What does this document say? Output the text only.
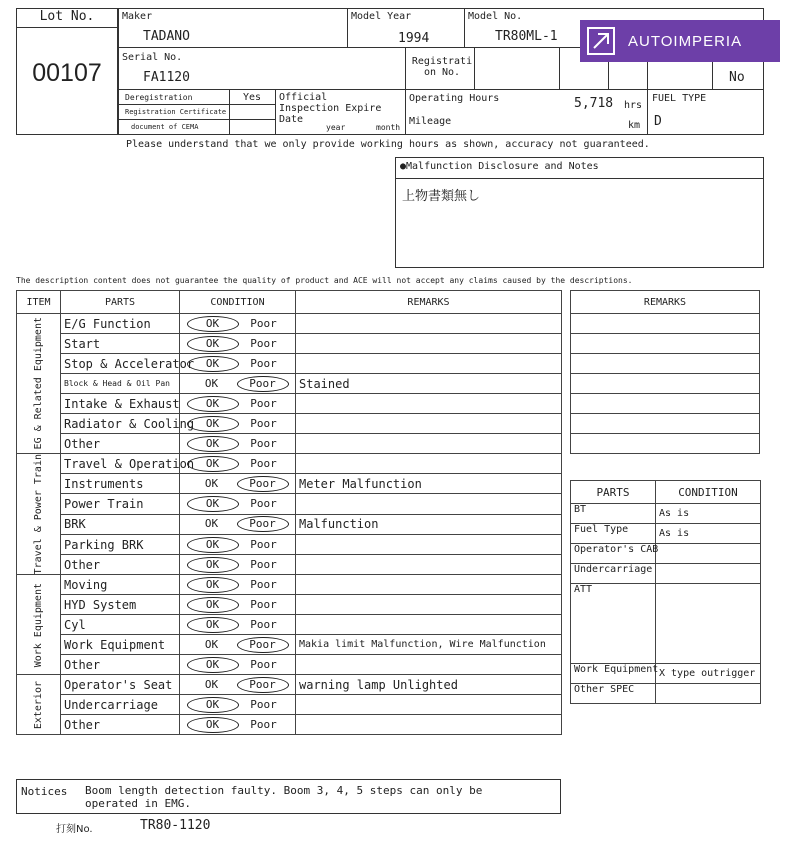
Lot No.
00107
Maker
TADANO
Model Year
1994
Model No.
TR80ML-1
Serial No.
FA1120
Registrati on No.	No
Deregistration	Yes
Registration Certificate
document of CEMA
Official Inspection Expire Date
year	month
Operating Hours	5,718 hrs
Mileage	km
FUEL TYPE
D
AUTOIMPERIA
Please understand that we only provide working hours as shown, accuracy not guaranteed.
●Malfunction Disclosure and Notes
上物書類無し
The description content does not guarantee the quality of product and ACE will not accept any claims caused by the descriptions.
ITEM	PARTS	CONDITION	REMARKS

EG & Related Equipment	E/G Function	OK Poor	
	Start	OK Poor	
	Stop & Accelerator	OK Poor	
	Block & Head & Oil Pan	OK Poor	Stained
	Intake & Exhaust	OK Poor	
	Radiator & Cooling	OK Poor	
	Other	OK Poor	

Travel & Power Train	Travel & Operation	OK Poor	
	Instruments	OK Poor	Meter Malfunction
	Power Train	OK Poor	
	BRK	OK Poor	Malfunction
	Parking BRK	OK Poor	
	Other	OK Poor	

Work Equipment	Moving	OK Poor	
	HYD System	OK Poor	
	Cyl	OK Poor	
	Work Equipment	OK Poor	Makia limit Malfunction, Wire Malfunction
	Other	OK Poor	

Exterior	Operator's Seat	OK Poor	warning lamp Unlighted
	Undercarriage	OK Poor	
	Other	OK Poor	
REMARKS

PARTS	CONDITION
BT	As is
Fuel Type	As is
Operator's CAB	
Undercarriage	
ATT	
Work Equipment	X type outrigger
Other SPEC	
Notices Boom length detection faulty. Boom 3, 4, 5 steps can only be operated in EMG.
打刻No.	TR80-1120
